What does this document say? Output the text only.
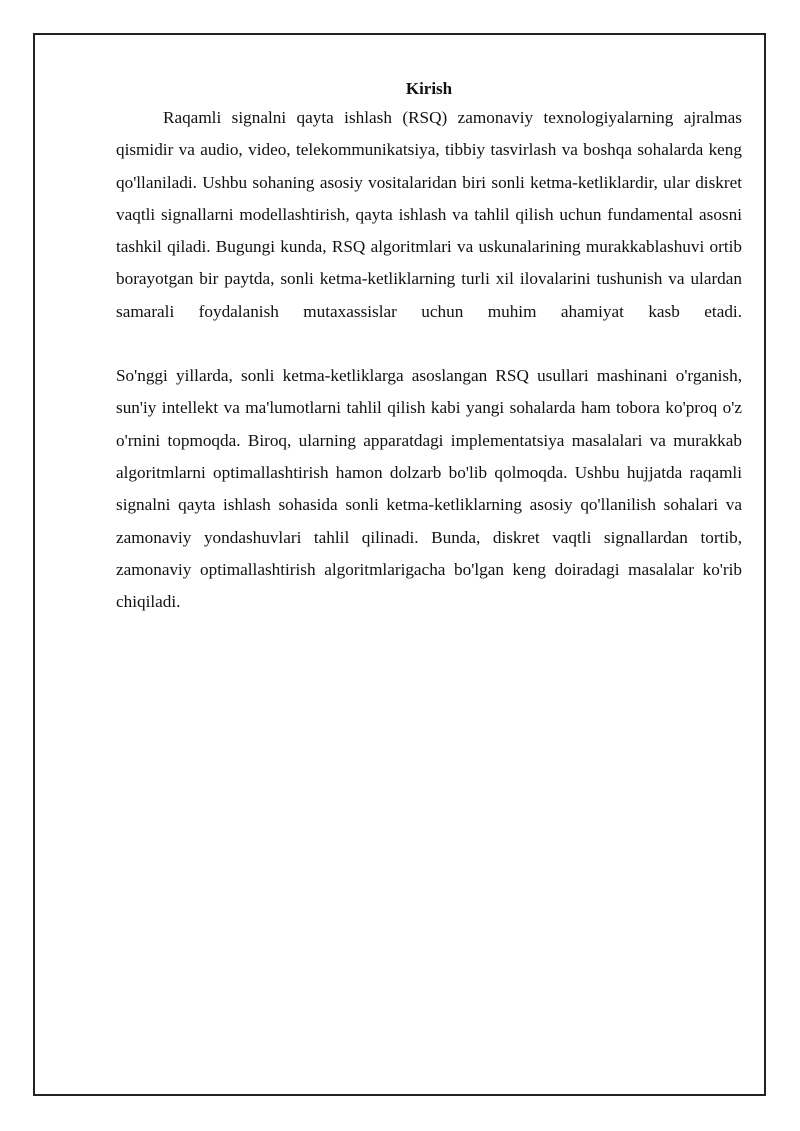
Kirish

Raqamli signalni qayta ishlash (RSQ) zamonaviy texnologiyalarning ajralmas qismidir va audio, video, telekommunikatsiya, tibbiy tasvirlash va boshqa sohalarda keng qo'llaniladi. Ushbu sohaning asosiy vositalaridan biri sonli ketma-ketliklardir, ular diskret vaqtli signallarni modellashtirish, qayta ishlash va tahlil qilish uchun fundamental asosni tashkil qiladi. Bugungi kunda, RSQ algoritmlari va uskunalarining murakkablashuvi ortib borayotgan bir paytda, sonli ketma-ketliklarning turli xil ilovalarini tushunish va ulardan samarali foydalanish mutaxassislar uchun muhim ahamiyat kasb etadi.

So'nggi yillarda, sonli ketma-ketliklarga asoslangan RSQ usullari mashinani o'rganish, sun'iy intellekt va ma'lumotlarni tahlil qilish kabi yangi sohalarda ham tobora ko'proq o'z o'rnini topmoqda. Biroq, ularning apparatdagi implementatsiya masalalari va murakkab algoritmlarni optimallashtirish hamon dolzarb bo'lib qolmoqda. Ushbu hujjatda raqamli signalni qayta ishlash sohasida sonli ketma-ketliklarning asosiy qo'llanilish sohalari va zamonaviy yondashuvlari tahlil qilinadi. Bunda, diskret vaqtli signallardan tortib, zamonaviy optimallashtirish algoritmlarigacha bo'lgan keng doiradagi masalalar ko'rib chiqiladi.
